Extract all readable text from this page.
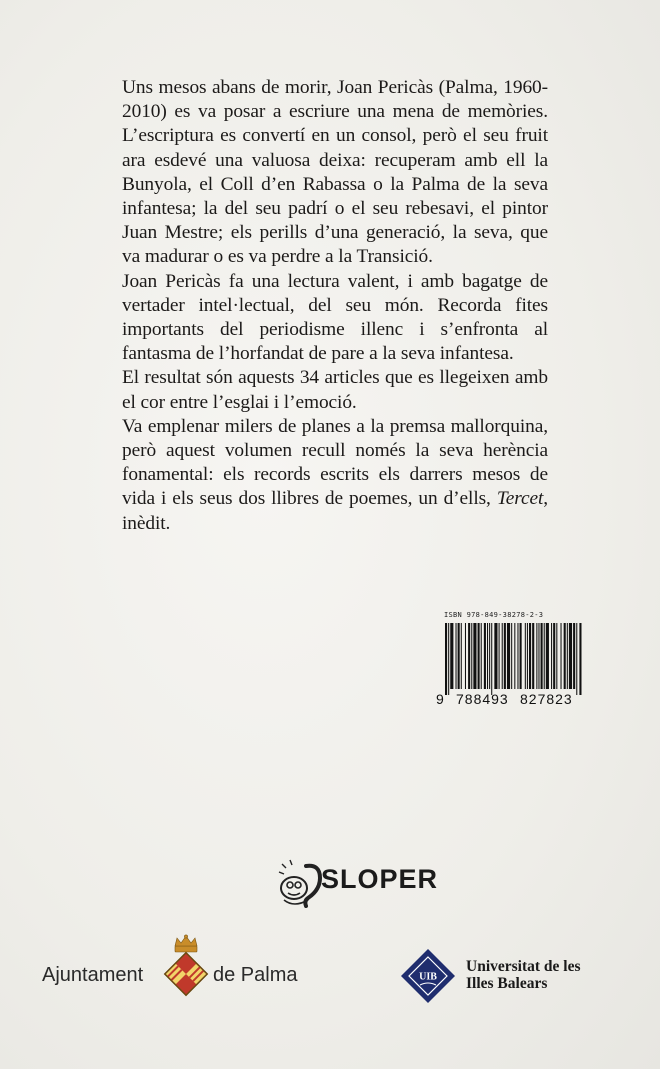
Uns mesos abans de morir, Joan Pericàs (Palma, 1960-2010) es va posar a escriure una mena de memòries. L’escriptura es convertí en un consol, però el seu fruit ara esdevé una valuosa deixa: recuperam amb ell la Bunyola, el Coll d’en Rabassa o la Palma de la seva infantesa; la del seu padrí o el seu rebesavi, el pintor Juan Mestre; els perills d’una generació, la seva, que va madurar o es va perdre a la Transició.

Joan Pericàs fa una lectura valent, i amb bagatge de vertader intel·lectual, del seu món. Recorda fites importants del periodisme illenc i s’enfronta al fantasma de l’horfandat de pare a la seva infantesa.

El resultat són aquests 34 articles que es llegeixen amb el cor entre l’esglai i l’emoció.

Va emplenar milers de planes a la premsa mallorquina, però aquest volumen recull només la seva herència fonamental: els records escrits els darrers mesos de vida i els seus dos llibres de poemes, un d’ells, Tercet, inèdit.

ISBN 978-849-38278-2-3
9 788493 827823
SLOPER
Ajuntament	de Palma	UIB
Universitat de les
Illes Balears
